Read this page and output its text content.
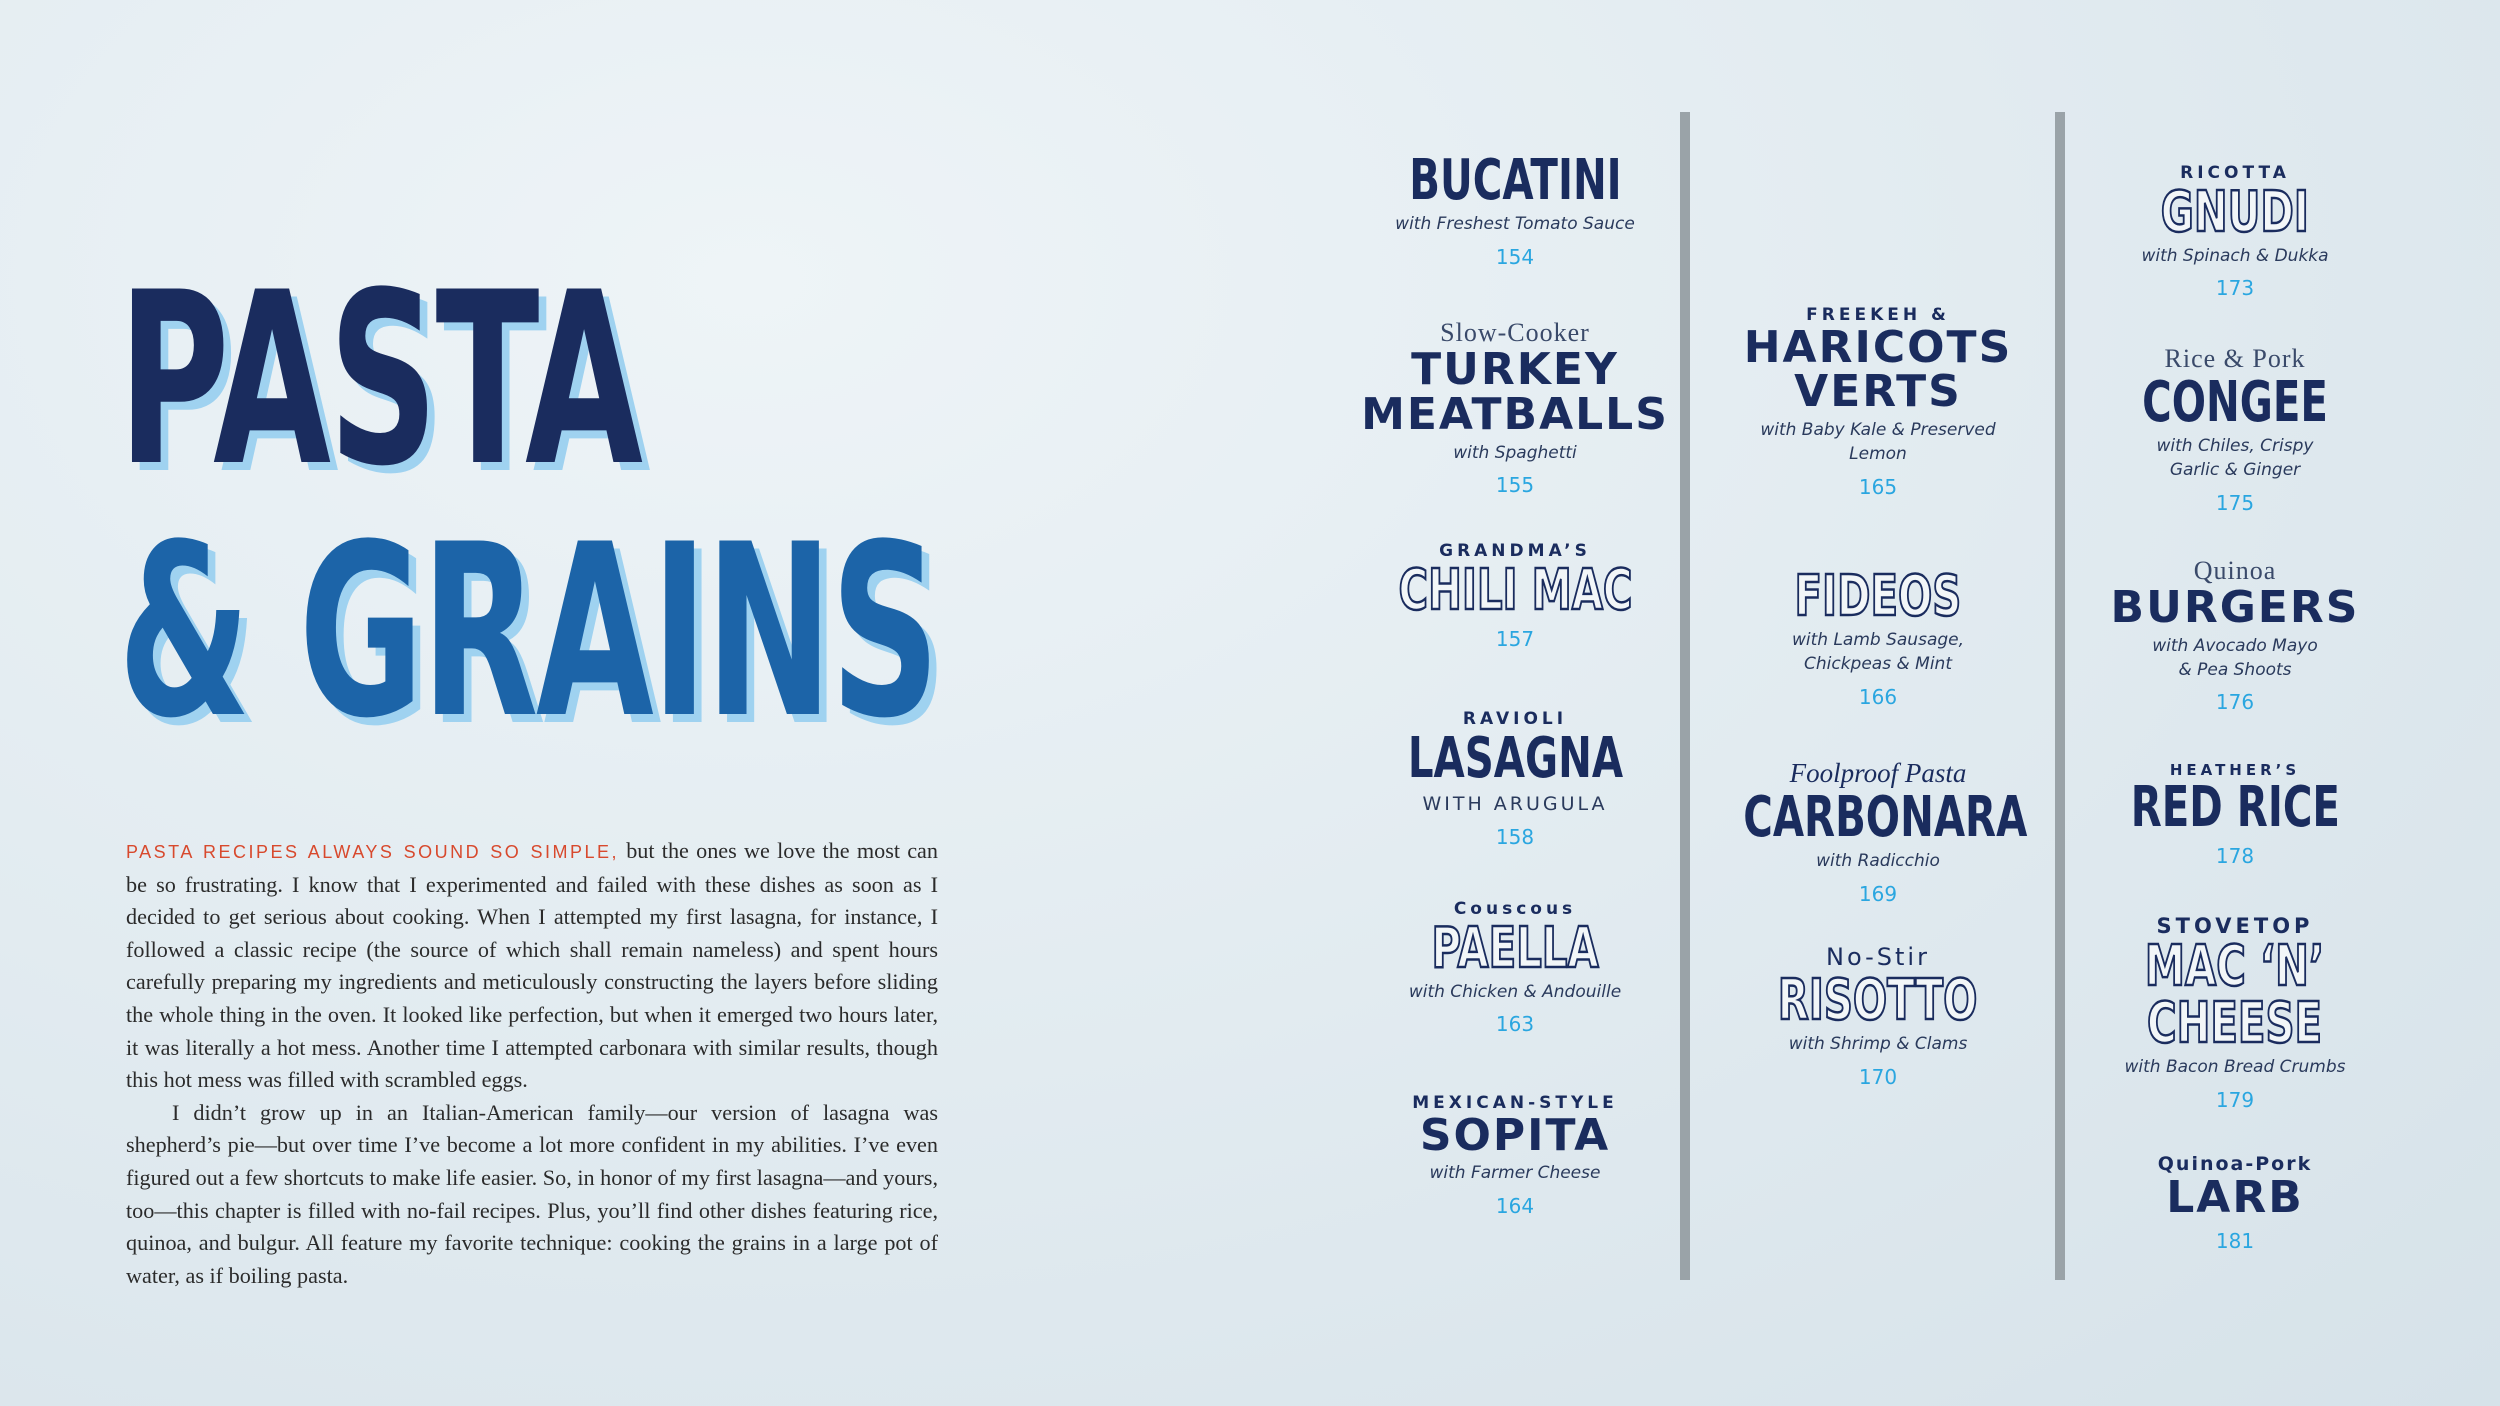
PASTA
& GRAINS

PASTA RECIPES ALWAYS SOUND SO SIMPLE, but the ones we love the most can be so frustrating. I know that I experimented and failed with these dishes as soon as I decided to get serious about cooking. When I attempted my first lasagna, for instance, I followed a classic recipe (the source of which shall remain nameless) and spent hours carefully preparing my ingredients and meticulously constructing the layers before sliding the whole thing in the oven. It looked like perfection, but when it emerged two hours later, it was literally a hot mess. Another time I attempted carbonara with similar results, though this hot mess was filled with scrambled eggs.

I didn’t grow up in an Italian-American family—our version of lasagna was shepherd’s pie—but over time I’ve become a lot more confident in my abilities. I’ve even figured out a few shortcuts to make life easier. So, in honor of my first lasagna—and yours, too—this chapter is filled with no-fail recipes. Plus, you’ll find other dishes featuring rice, quinoa, and bulgur. All feature my favorite technique: cooking the grains in a large pot of water, as if boiling pasta.

BUCATINI
with Freshest Tomato Sauce
154
Slow-Cooker
TURKEY
MEATBALLS
with Spaghetti
155
GRANDMA’S
CHILI MAC
157
RAVIOLI
LASAGNA
WITH ARUGULA
158
Couscous
PAELLA
with Chicken & Andouille
163
MEXICAN-STYLE
SOPITA
with Farmer Cheese
164
FREEKEH &
HARICOTS
VERTS
with Baby Kale & Preserved
Lemon
165
FIDEOS
with Lamb Sausage,
Chickpeas & Mint
166
Foolproof Pasta
CARBONARA
with Radicchio
169
No-Stir
RISOTTO
with Shrimp & Clams
170
RICOTTA
GNUDI
with Spinach & Dukka
173
Rice & Pork
CONGEE
with Chiles, Crispy
Garlic & Ginger
175
Quinoa
BURGERS
with Avocado Mayo
& Pea Shoots
176
HEATHER’S
RED RICE
178
STOVETOP
MAC ‘N’
CHEESE
with Bacon Bread Crumbs
179
Quinoa-Pork
LARB
181
